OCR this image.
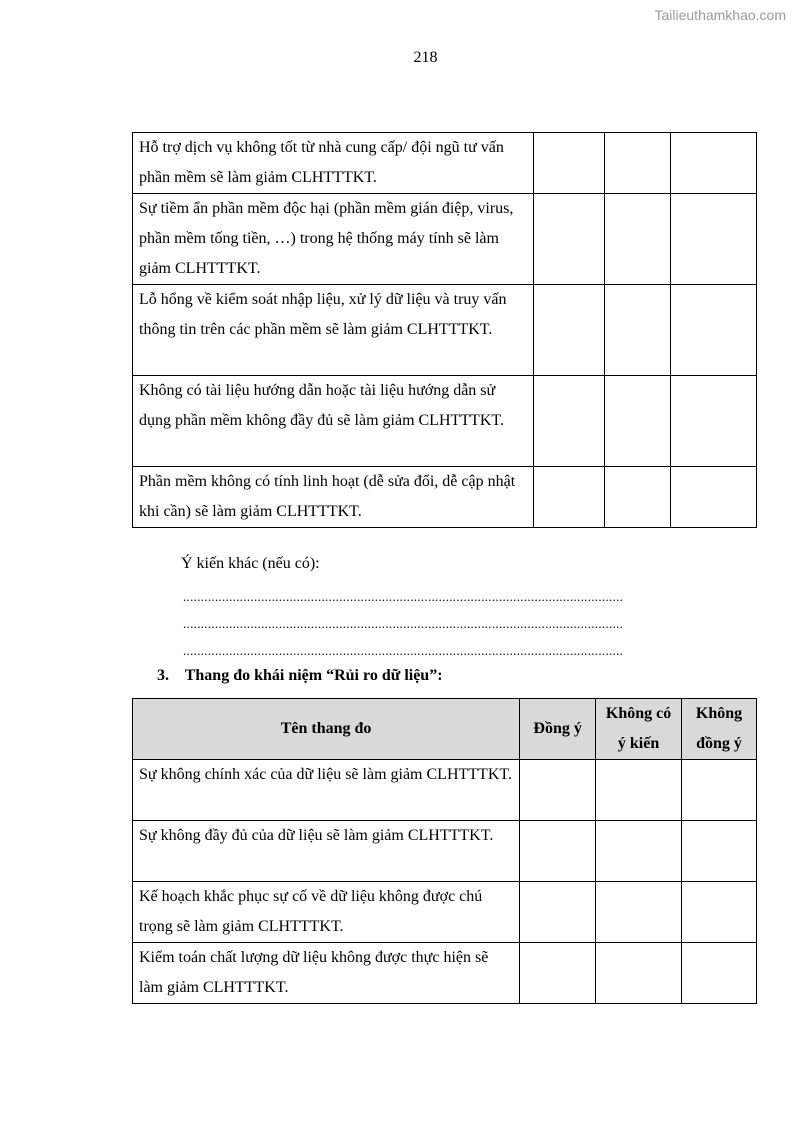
Tailieuthamkhao.com
218
Hỗ trợ dịch vụ không tốt từ nhà cung cấp/ đội ngũ tư vấn phần mềm sẽ làm giảm CLHTTTKT.			
Sự tiềm ẩn phần mềm độc hại (phần mềm gián điệp, virus, phần mềm tống tiền, …) trong hệ thống máy tính sẽ làm giảm CLHTTTKT.			
Lỗ hổng về kiểm soát nhập liệu, xử lý dữ liệu và truy vấn thông tin trên các phần mềm sẽ làm giảm CLHTTTKT.			
Không có tài liệu hướng dẫn hoặc tài liệu hướng dẫn sử dụng phần mềm không đầy đủ sẽ làm giảm CLHTTTKT.			
Phần mềm không có tính linh hoạt (dễ sửa đổi, dễ cập nhật khi cần) sẽ làm giảm CLHTTTKT.			
Ý kiến khác (nếu có):
............................................................................................................................
............................................................................................................................
............................................................................................................................
3. Thang đo khái niệm “Rủi ro dữ liệu”:
Tên thang đo	Đồng ý	Không có ý kiến	Không đồng ý
Sự không chính xác của dữ liệu sẽ làm giảm CLHTTTKT.			
Sự không đầy đủ của dữ liệu sẽ làm giảm CLHTTTKT.			
Kế hoạch khắc phục sự cố về dữ liệu không được chú trọng sẽ làm giảm CLHTTTKT.			
Kiểm toán chất lượng dữ liệu không được thực hiện sẽ làm giảm CLHTTTKT.			
